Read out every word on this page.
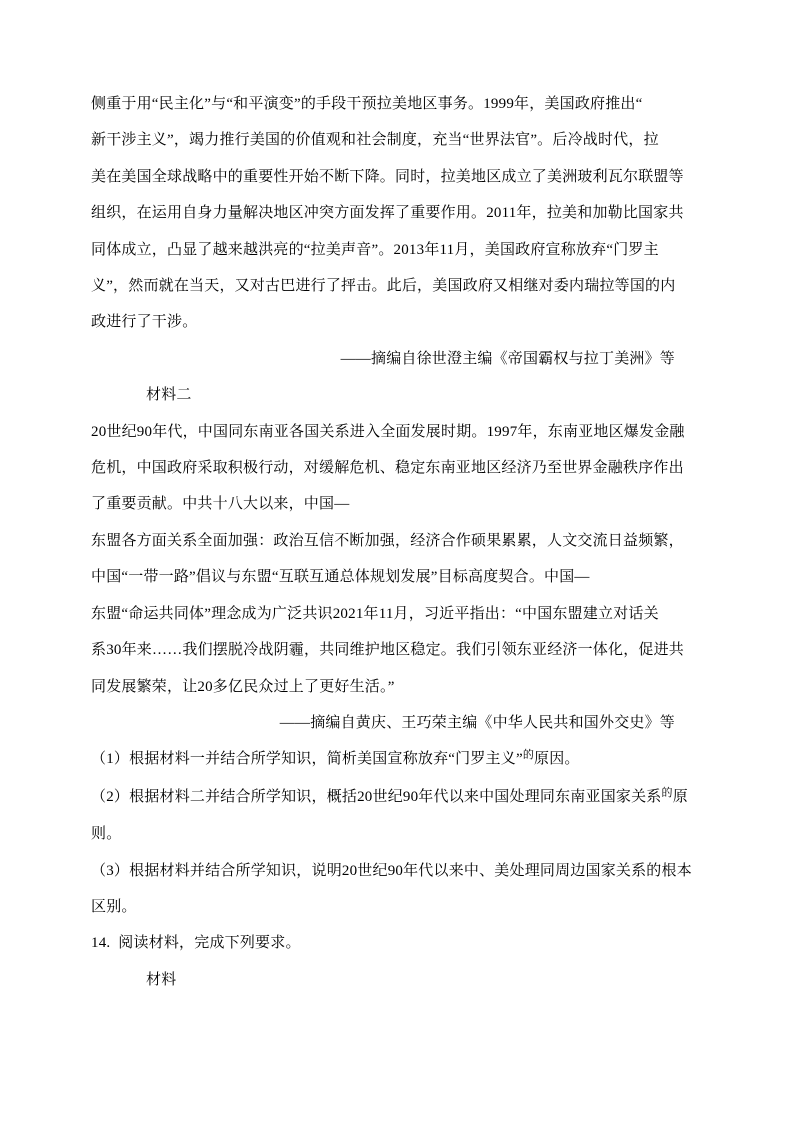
侧重于用“民主化”与“和平演变”的手段干预拉美地区事务。1999年，美国政府推出“

新干涉主义”，竭力推行美国的价值观和社会制度，充当“世界法官”。后冷战时代，拉

美在美国全球战略中的重要性开始不断下降。同时，拉美地区成立了美洲玻利瓦尔联盟等

组织，在运用自身力量解决地区冲突方面发挥了重要作用。2011年，拉美和加勒比国家共

同体成立，凸显了越来越洪亮的“拉美声音”。2013年11月，美国政府宣称放弃“门罗主

义”，然而就在当天，又对古巴进行了抨击。此后，美国政府又相继对委内瑞拉等国的内

政进行了干涉。

——摘编自徐世澄主编《帝国霸权与拉丁美洲》等

材料二

20世纪90年代，中国同东南亚各国关系进入全面发展时期。1997年，东南亚地区爆发金融

危机，中国政府采取积极行动，对缓解危机、稳定东南亚地区经济乃至世界金融秩序作出

了重要贡献。中共十八大以来，中国—

东盟各方面关系全面加强：政治互信不断加强，经济合作硕果累累，人文交流日益频繁，

中国“一带一路”倡议与东盟“互联互通总体规划发展”目标高度契合。中国—

东盟“命运共同体”理念成为广泛共识2021年11月，习近平指出：“中国东盟建立对话关

系30年来……我们摆脱冷战阴霾，共同维护地区稳定。我们引领东亚经济一体化，促进共

同发展繁荣，让20多亿民众过上了更好生活。”

——摘编自黄庆、王巧荣主编《中华人民共和国外交史》等

（1）根据材料一并结合所学知识，简析美国宣称放弃“门罗主义”$^的$原因。

（2）根据材料二并结合所学知识，概括20世纪90年代以来中国处理同东南亚国家关系$^的$原

则。

（3）根据材料并结合所学知识，说明20世纪90年代以来中、美处理同周边国家关系的根本

区别。

14.  阅读材料，完成下列要求。

材料
